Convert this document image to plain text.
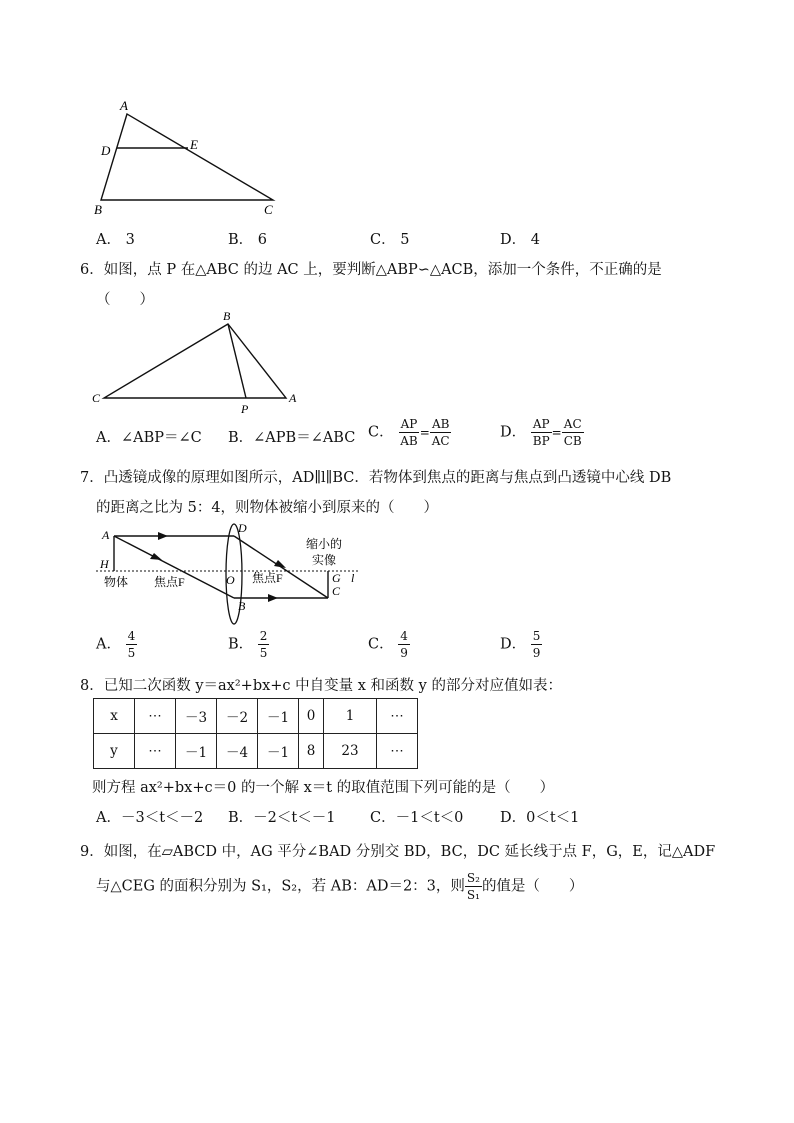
A
D	E
B	C
A． 3	B． 6	C． 5	D． 4
6．如图，点 P 在△ABC 的边 AC 上，要判断△ABP∽△ACB，添加一个条件，不正确的是
（　　）
B
C	A
P
A．∠ABP＝∠C B．∠APB＝∠ABC C． $\frac{AP}{AB} = \frac{AB}{AC}$	D． $\frac{AP}{BP} = \frac{AC}{CB}$
7．凸透镜成像的原理如图所示，AD∥l∥BC．若物体到焦点的距离与焦点到凸透镜中心线 DB
的距离之比为 5：4，则物体被缩小到原来的（　　）
A
H
物体 焦点F	O
D
B
焦点F
缩小的
实像
G
C
l
A． $\frac{4}{5}$	B． $\frac{2}{5}$	C． $\frac{4}{9}$	D． $\frac{5}{9}$
8．已知二次函数 y＝ax²+bx+c 中自变量 x 和函数 y 的部分对应值如表：
x	⋯	－3	－2	－1	0	1	⋯
y	⋯	－1	－4	－1	8	23	⋯
则方程 ax²+bx+c＝0 的一个解 x＝t 的取值范围下列可能的是（　　）
A．－3＜t＜－2 B．－2＜t＜－1 C．－1＜t＜0	D．0＜t＜1
9．如图，在▱ABCD 中，AG 平分∠BAD 分别交 BD，BC，DC 延长线于点 F，G，E，记△ADF
与△CEG 的面积分别为 S₁，S₂，若 AB：AD＝2：3，则 $\frac{\text{S₂}}{\text{S₁}}$ 的值是（　　）
